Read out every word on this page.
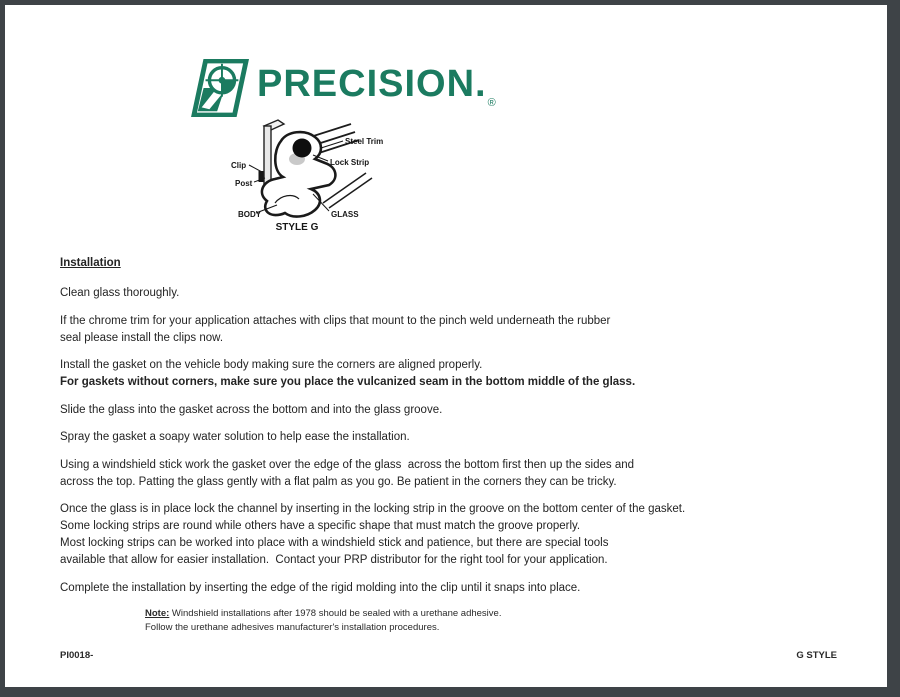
$PRECISION._®$
Steel Trim
Lock Strip
Clip
Post
BODY	GLASS
STYLE G
Installation

Clean glass thoroughly.

If the chrome trim for your application attaches with clips that mount to the pinch weld underneath the rubber
seal please install the clips now.

Install the gasket on the vehicle body making sure the corners are aligned properly.
For gaskets without corners, make sure you place the vulcanized seam in the bottom middle of the glass.

Slide the glass into the gasket across the bottom and into the glass groove.

Spray the gasket a soapy water solution to help ease the installation.

Using a windshield stick work the gasket over the edge of the glass  across the bottom first then up the sides and
across the top. Patting the glass gently with a flat palm as you go. Be patient in the corners they can be tricky.

Once the glass is in place lock the channel by inserting in the locking strip in the groove on the bottom center of the gasket.
Some locking strips are round while others have a specific shape that must match the groove properly.
Most locking strips can be worked into place with a windshield stick and patience, but there are special tools
available that allow for easier installation.  Contact your PRP distributor for the right tool for your application.

Complete the installation by inserting the edge of the rigid molding into the clip until it snaps into place.

Note: Windshield installations after 1978 should be sealed with a urethane adhesive.
Follow the urethane adhesives manufacturer's installation procedures.
PI0018-	G STYLE
